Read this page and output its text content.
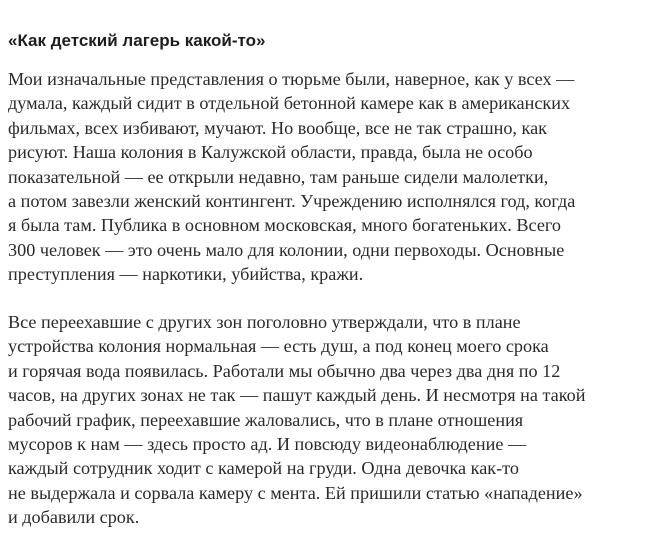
«Как детский лагерь какой-то»

Мои изначальные представления о тюрьме были, наверное, как у всех —
думала, каждый сидит в отдельной бетонной камере как в американских
фильмах, всех избивают, мучают. Но вообще, все не так страшно, как
рисуют. Наша колония в Калужской области, правда, была не особо
показательной — ее открыли недавно, там раньше сидели малолетки,
а потом завезли женский контингент. Учреждению исполнялся год, когда
я была там. Публика в основном московская, много богатеньких. Всего
300 человек — это очень мало для колонии, одни первоходы. Основные
преступления — наркотики, убийства, кражи.

Все переехавшие с других зон поголовно утверждали, что в плане
устройства колония нормальная — есть душ, а под конец моего срока
и горячая вода появилась. Работали мы обычно два через два дня по 12
часов, на других зонах не так — пашут каждый день. И несмотря на такой
рабочий график, переехавшие жаловались, что в плане отношения
мусоров к нам — здесь просто ад. И повсюду видеонаблюдение —
каждый сотрудник ходит с камерой на груди. Одна девочка как-то
не выдержала и сорвала камеру с мента. Ей пришили статью «нападение»
и добавили срок.
